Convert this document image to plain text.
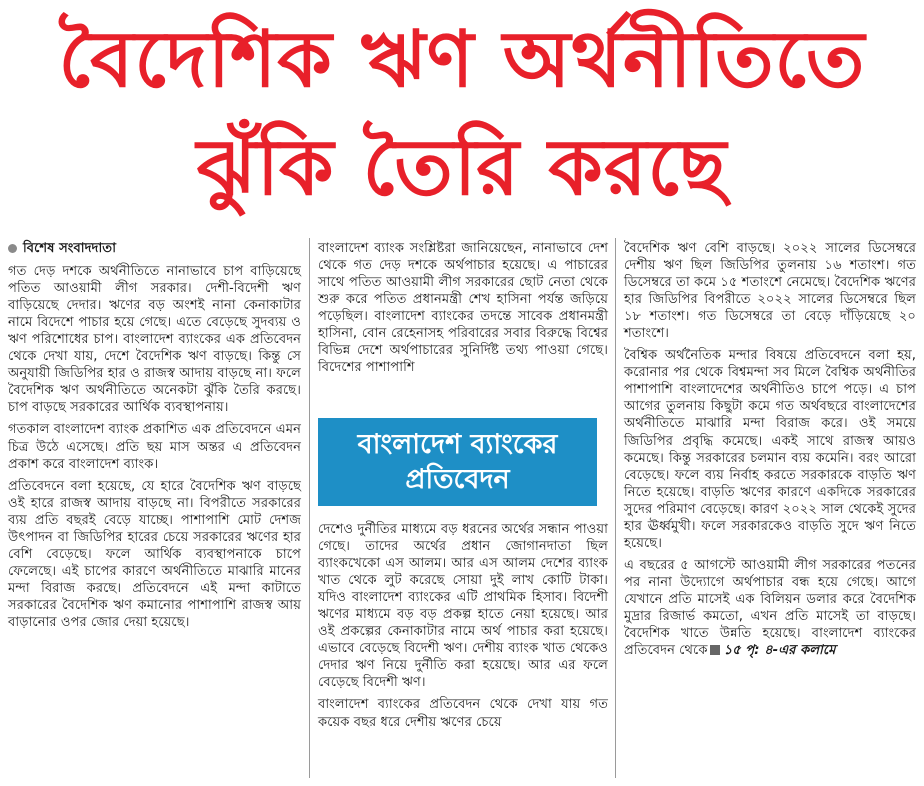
বৈদেশিক ঋণ অর্থনীতিতে
ঝুঁকি তৈরি করছে
বিশেষ সংবাদদাতা

গত দেড় দশকে অর্থনীতিতে নানাভাবে চাপ বাড়িয়েছে পতিত আওয়ামী লীগ সরকার। দেশী-বিদেশী ঋণ বাড়িয়েছে দেদার। ঋণের বড় অংশই নানা কেনাকাটার নামে বিদেশে পাচার হয়ে গেছে। এতে বেড়েছে সুদব্যয় ও ঋণ পরিশোধের চাপ। বাংলাদেশ ব্যাংকের এক প্রতিবেদন থেকে দেখা যায়, দেশে বৈদেশিক ঋণ বাড়ছে। কিন্তু সে অনুযায়ী জিডিপির হার ও রাজস্ব আদায় বাড়ছে না। ফলে বৈদেশিক ঋণ অর্থনীতিতে অনেকটা ঝুঁকি তৈরি করছে। চাপ বাড়ছে সরকারের আর্থিক ব্যবস্থাপনায়।

গতকাল বাংলাদেশ ব্যাংক প্রকাশিত এক প্রতিবেদনে এমন চিত্র উঠে এসেছে। প্রতি ছয় মাস অন্তর এ প্রতিবেদন প্রকাশ করে বাংলাদেশ ব্যাংক।

প্রতিবেদনে বলা হয়েছে, যে হারে বৈদেশিক ঋণ বাড়ছে ওই হারে রাজস্ব আদায় বাড়ছে না। বিপরীতে সরকারের ব্যয় প্রতি বছরই বেড়ে যাচ্ছে। পাশাপাশি মোট দেশজ উৎপাদন বা জিডিপির হারের চেয়ে সরকারের ঋণের হার বেশি বেড়েছে। ফলে আর্থিক ব্যবস্থাপনাকে চাপে ফেলেছে। এই চাপের কারণে অর্থনীতিতে মাঝারি মানের মন্দা বিরাজ করছে। প্রতিবেদনে এই মন্দা কাটাতে সরকারের বৈদেশিক ঋণ কমানোর পাশাপাশি রাজস্ব আয় বাড়ানোর ওপর জোর দেয়া হয়েছে।

বাংলাদেশ ব্যাংক সংশ্লিষ্টরা জানিয়েছেন, নানাভাবে দেশ থেকে গত দেড় দশকে অর্থপাচার হয়েছে। এ পাচারের সাথে পতিত আওয়ামী লীগ সরকারের ছোট নেতা থেকে শুরু করে পতিত প্রধানমন্ত্রী শেখ হাসিনা পর্যন্ত জড়িয়ে পড়েছিল। বাংলাদেশ ব্যাংকের তদন্তে সাবেক প্রধানমন্ত্রী হাসিনা, বোন রেহেনাসহ পরিবারের সবার বিরুদ্ধে বিশ্বের বিভিন্ন দেশে অর্থপাচারের সুনির্দিষ্ট তথ্য পাওয়া গেছে। বিদেশের পাশাপাশি

বাংলাদেশ ব্যাংকের
প্রতিবেদন

দেশেও দুর্নীতির মাধ্যমে বড় ধরনের অর্থের সন্ধান পাওয়া গেছে। তাদের অর্থের প্রধান জোগানদাতা ছিল ব্যাংকখেকো এস আলম। আর এস আলম দেশের ব্যাংক খাত থেকে লুট করেছে সোয়া দুই লাখ কোটি টাকা। যদিও বাংলাদেশ ব্যাংকের এটি প্রাথমিক হিসাব। বিদেশী ঋণের মাধ্যমে বড় বড় প্রকল্প হাতে নেয়া হয়েছে। আর ওই প্রকল্পের কেনাকাটার নামে অর্থ পাচার করা হয়েছে। এভাবে বেড়েছে বিদেশী ঋণ। দেশীয় ব্যাংক খাত থেকেও দেদার ঋণ নিয়ে দুর্নীতি করা হয়েছে। আর এর ফলে বেড়েছে বিদেশী ঋণ।

বাংলাদেশ ব্যাংকের প্রতিবেদন থেকে দেখা যায় গত কয়েক বছর ধরে দেশীয় ঋণের চেয়ে

বৈদেশিক ঋণ বেশি বাড়ছে। ২০২২ সালের ডিসেম্বরে দেশীয় ঋণ ছিল জিডিপির তুলনায় ১৬ শতাংশ। গত ডিসেম্বরে তা কমে ১৫ শতাংশে নেমেছে। বৈদেশিক ঋণের হার জিডিপির বিপরীতে ২০২২ সালের ডিসেম্বরে ছিল ১৮ শতাংশ। গত ডিসেম্বরে তা বেড়ে দাঁড়িয়েছে ২০ শতাংশে।

বৈশ্বিক অর্থনৈতিক মন্দার বিষয়ে প্রতিবেদনে বলা হয়, করোনার পর থেকে বিশ্বমন্দা সব মিলে বৈশ্বিক অর্থনীতির পাশাপাশি বাংলাদেশের অর্থনীতিও চাপে পড়ে। এ চাপ আগের তুলনায় কিছুটা কমে গত অর্থবছরে বাংলাদেশের অর্থনীতিতে মাঝারি মন্দা বিরাজ করে। ওই সময়ে জিডিপির প্রবৃদ্ধি কমেছে। একই সাথে রাজস্ব আয়ও কমেছে। কিন্তু সরকারের চলমান ব্যয় কমেনি। বরং আরো বেড়েছে। ফলে ব্যয় নির্বাহ করতে সরকারকে বাড়তি ঋণ নিতে হয়েছে। বাড়তি ঋণের কারণে একদিকে সরকারের সুদের পরিমাণ বেড়েছে। কারণ ২০২২ সাল থেকেই সুদের হার ঊর্ধ্বমুখী। ফলে সরকারকেও বাড়তি সুদে ঋণ নিতে হয়েছে।

এ বছরের ৫ আগস্টে আওয়ামী লীগ সরকারের পতনের পর নানা উদ্যোগে অর্থপাচার বন্ধ হয়ে গেছে। আগে যেখানে প্রতি মাসেই এক বিলিয়ন ডলার করে বৈদেশিক মুদ্রার রিজার্ভ কমতো, এখন প্রতি মাসেই তা বাড়ছে। বৈদেশিক খাতে উন্নতি হয়েছে। বাংলাদেশ ব্যাংকের প্রতিবেদন থেকে ১৫ পৃ: ৪-এর কলামে
